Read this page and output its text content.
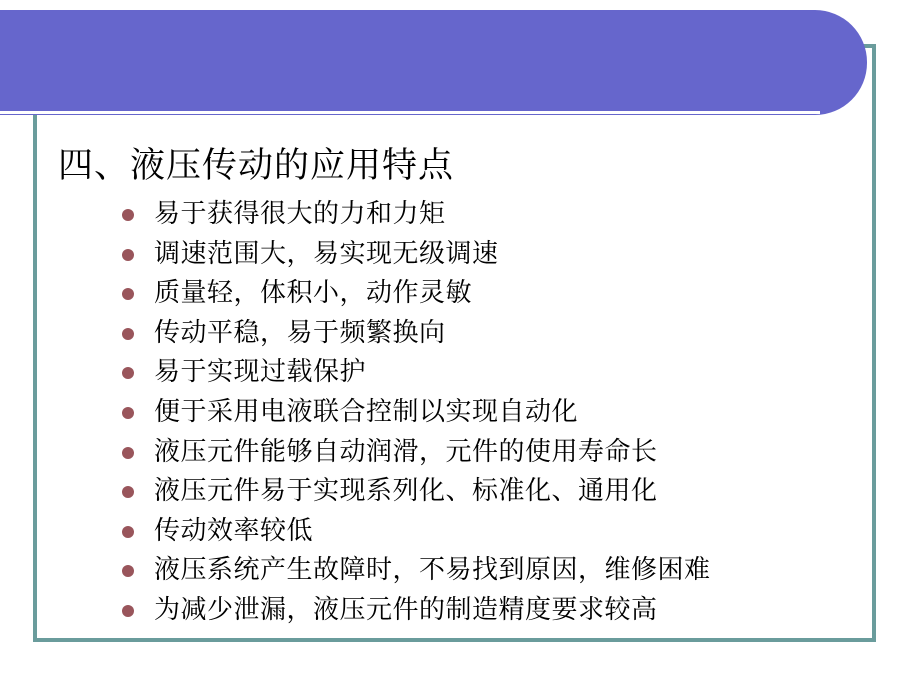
四、液压传动的应用特点
易于获得很大的力和力矩
调速范围大，易实现无级调速
质量轻，体积小，动作灵敏
传动平稳，易于频繁换向
易于实现过载保护
便于采用电液联合控制以实现自动化
液压元件能够自动润滑，元件的使用寿命长
液压元件易于实现系列化、标准化、通用化
传动效率较低
液压系统产生故障时，不易找到原因，维修困难
为减少泄漏，液压元件的制造精度要求较高
